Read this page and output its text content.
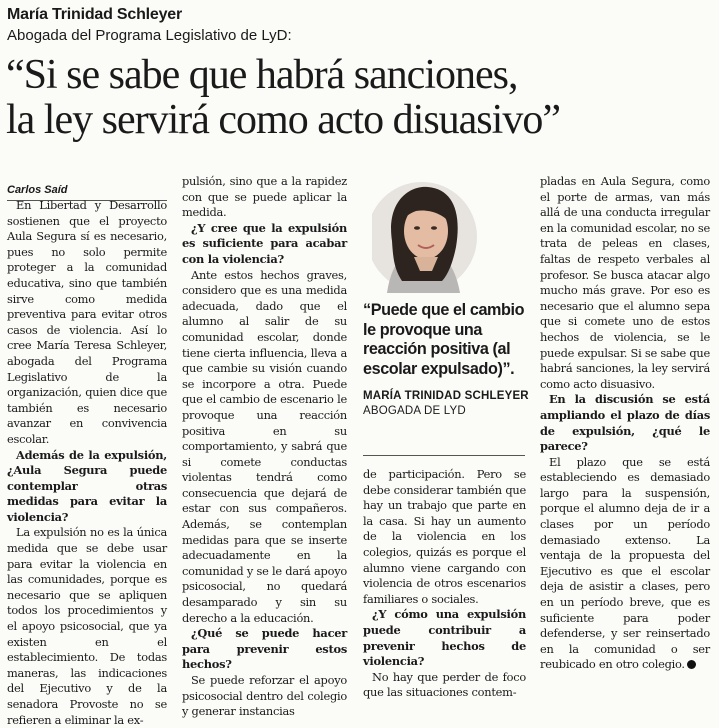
María Trinidad Schleyer
Abogada del Programa Legislativo de LyD:
“Si se sabe que habrá sanciones,
la ley servirá como acto disuasivo”
Carlos Saíd

En Libertad y Desarrollo sostienen que el proyecto Aula Segura sí es necesario, pues no solo permite proteger a la comunidad educativa, sino que también sirve como medida preventiva para evitar otros casos de violencia. Así lo cree María Teresa Schleyer, abogada del Programa Legislativo de la organización, quien dice que también es necesario avanzar en convivencia escolar.

Además de la expulsión, ¿Aula Segura puede contemplar otras medidas para evitar la violencia?

La expulsión no es la única medida que se debe usar para evitar la violencia en las comunidades, porque es necesario que se apliquen todos los procedimientos y el apoyo psicosocial, que ya existen en el establecimiento. De todas maneras, las indicaciones del Ejecutivo y de la senadora Provoste no se refieren a eliminar la ex-

pulsión, sino que a la rapidez con que se puede aplicar la medida.

¿Y cree que la expulsión es suficiente para acabar con la violencia?

Ante estos hechos graves, considero que es una medida adecuada, dado que el alumno al salir de su comunidad escolar, donde tiene cierta influencia, lleva a que cambie su visión cuando se incorpore a otra. Puede que el cambio de escenario le provoque una reacción positiva en su comportamiento, y sabrá que si comete conductas violentas tendrá como consecuencia que dejará de estar con sus compañeros. Además, se contemplan medidas para que se inserte adecuadamente en la comunidad y se le dará apoyo psicosocial, no quedará desamparado y sin su derecho a la educación.

¿Qué se puede hacer para prevenir estos hechos?

Se puede reforzar el apoyo psicosocial dentro del colegio y generar instancias

“Puede que el cambio le provoque una reacción positiva (al escolar expulsado)”.
MARÍA TRINIDAD SCHLEYER
ABOGADA DE LYD

de participación. Pero se debe considerar también que hay un trabajo que parte en la casa. Si hay un aumento de la violencia en los colegios, quizás es porque el alumno viene cargando con violencia de otros escenarios familiares o sociales.

¿Y cómo una expulsión puede contribuir a prevenir hechos de violencia?

No hay que perder de foco que las situaciones contem-

pladas en Aula Segura, como el porte de armas, van más allá de una conducta irregular en la comunidad escolar, no se trata de peleas en clases, faltas de respeto verbales al profesor. Se busca atacar algo mucho más grave. Por eso es necesario que el alumno sepa que si comete uno de estos hechos de violencia, se le puede expulsar. Si se sabe que habrá sanciones, la ley servirá como acto disuasivo.

En la discusión se está ampliando el plazo de días de expulsión, ¿qué le parece?

El plazo que se está estableciendo es demasiado largo para la suspensión, porque el alumno deja de ir a clases por un período demasiado extenso. La ventaja de la propuesta del Ejecutivo es que el escolar deja de asistir a clases, pero en un período breve, que es suficiente para poder defenderse, y ser reinsertado en la comunidad o ser reubicado en otro colegio.
